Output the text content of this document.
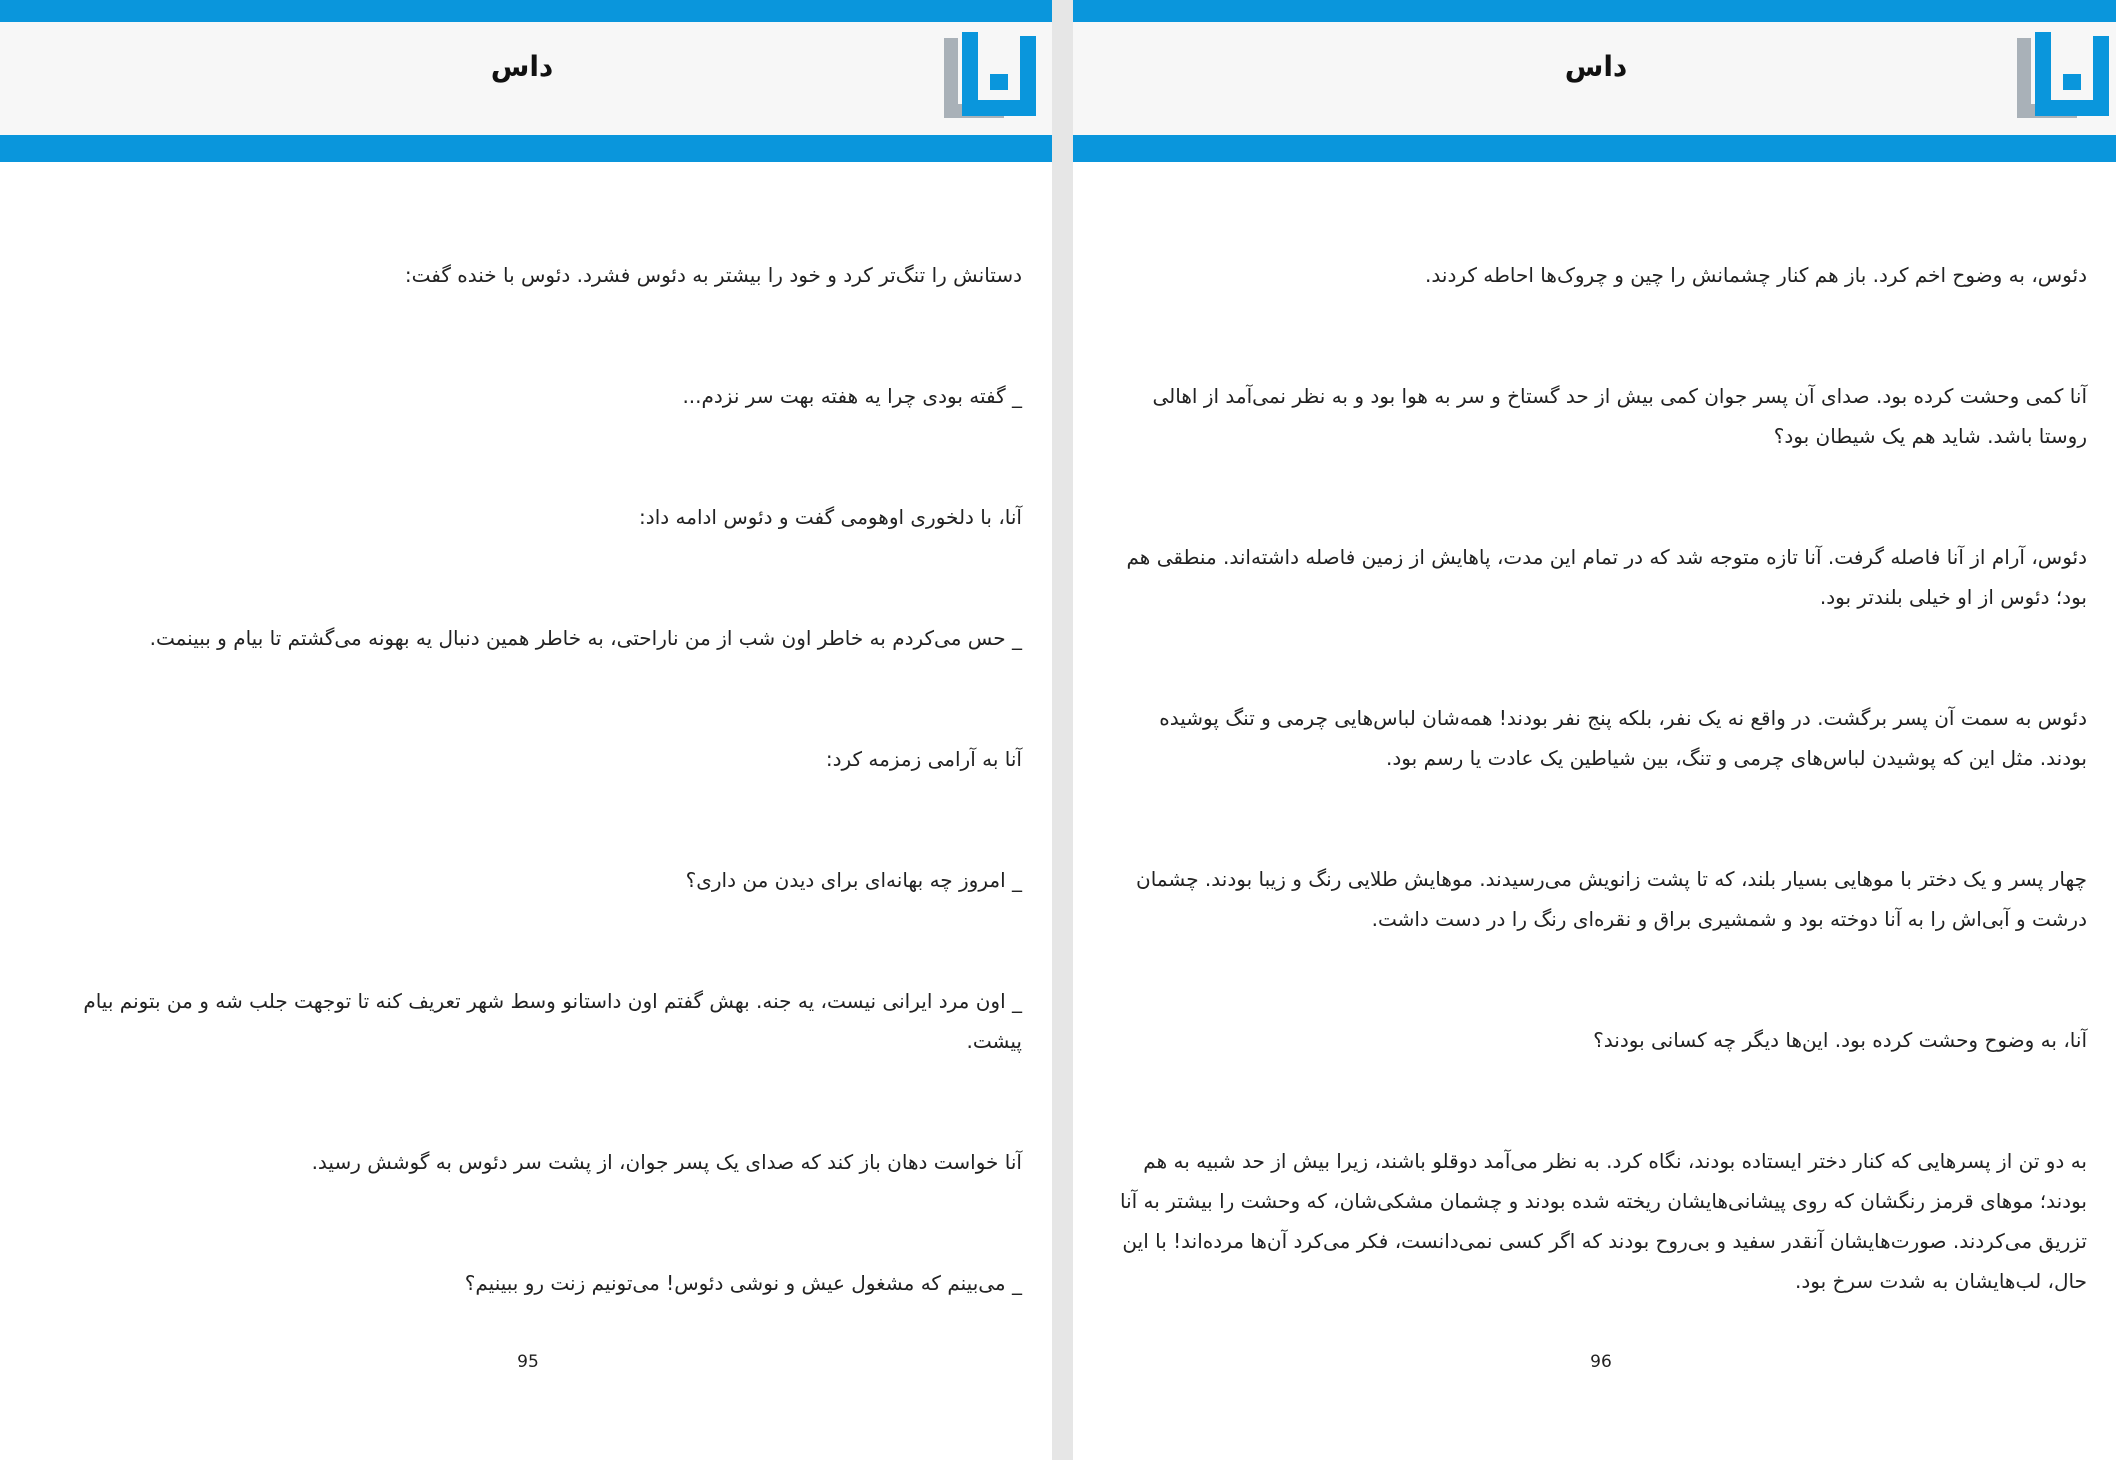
داس

دستانش را تنگ‌تر کرد و خود را بیشتر به دئوس فشرد. دئوس با خنده گفت:

_ گفته بودی چرا یه هفته بهت سر نزدم...

آنا، با دلخوری اوهومی گفت و دئوس ادامه داد:

_ حس می‌کردم به خاطر اون شب از من ناراحتی، به خاطر همین دنبال یه بهونه می‌گشتم تا بیام و ببینمت.

آنا به آرامی زمزمه کرد:

_ امروز چه بهانه‌ای برای دیدن من داری؟

_ اون مرد ایرانی نیست، یه جنه. بهش گفتم اون داستانو وسط شهر تعریف کنه تا توجهت جلب شه و من بتونم بیام پیشت.

آنا خواست دهان باز کند که صدای یک پسر جوان، از پشت سر دئوس به گوشش رسید.

_ می‌بینم که مشغول عیش و نوشی دئوس! می‌تونیم زنت رو ببینیم؟

95
داس

دئوس، به وضوح اخم کرد. باز هم کنار چشمانش را چین و چروک‌ها احاطه کردند.

آنا کمی وحشت کرده بود. صدای آن پسر جوان کمی بیش از حد گستاخ و سر به هوا بود و به نظر نمی‌آمد از اهالی روستا باشد. شاید هم یک شیطان بود؟

دئوس، آرام از آنا فاصله گرفت. آنا تازه متوجه شد که در تمام این مدت، پاهایش از زمین فاصله داشته‌اند. منطقی هم بود؛ دئوس از او خیلی بلندتر بود.

دئوس به سمت آن پسر برگشت. در واقع نه یک نفر، بلکه پنج نفر بودند! همه‌شان لباس‌هایی چرمی و تنگ پوشیده بودند. مثل این که پوشیدن لباس‌های چرمی و تنگ، بین شیاطین یک عادت یا رسم بود.

چهار پسر و یک دختر با موهایی بسیار بلند، که تا پشت زانویش می‌رسیدند. موهایش طلایی رنگ و زیبا بودند. چشمان درشت و آبی‌اش را به آنا دوخته بود و شمشیری براق و نقره‌ای رنگ را در دست داشت.

آنا، به وضوح وحشت کرده بود. این‌ها دیگر چه کسانی بودند؟

به دو تن از پسرهایی که کنار دختر ایستاده بودند، نگاه کرد. به نظر می‌آمد دوقلو باشند، زیرا بیش از حد شبیه به هم بودند؛ موهای قرمز رنگشان که روی پیشانی‌هایشان ریخته شده بودند و چشمان مشکی‌شان، که وحشت را بیشتر به آنا تزریق می‌کردند. صورت‌هایشان آنقدر سفید و بی‌روح بودند که اگر کسی نمی‌دانست، فکر می‌کرد آن‌ها مرده‌اند! با این حال، لب‌هایشان به شدت سرخ بود.

96
